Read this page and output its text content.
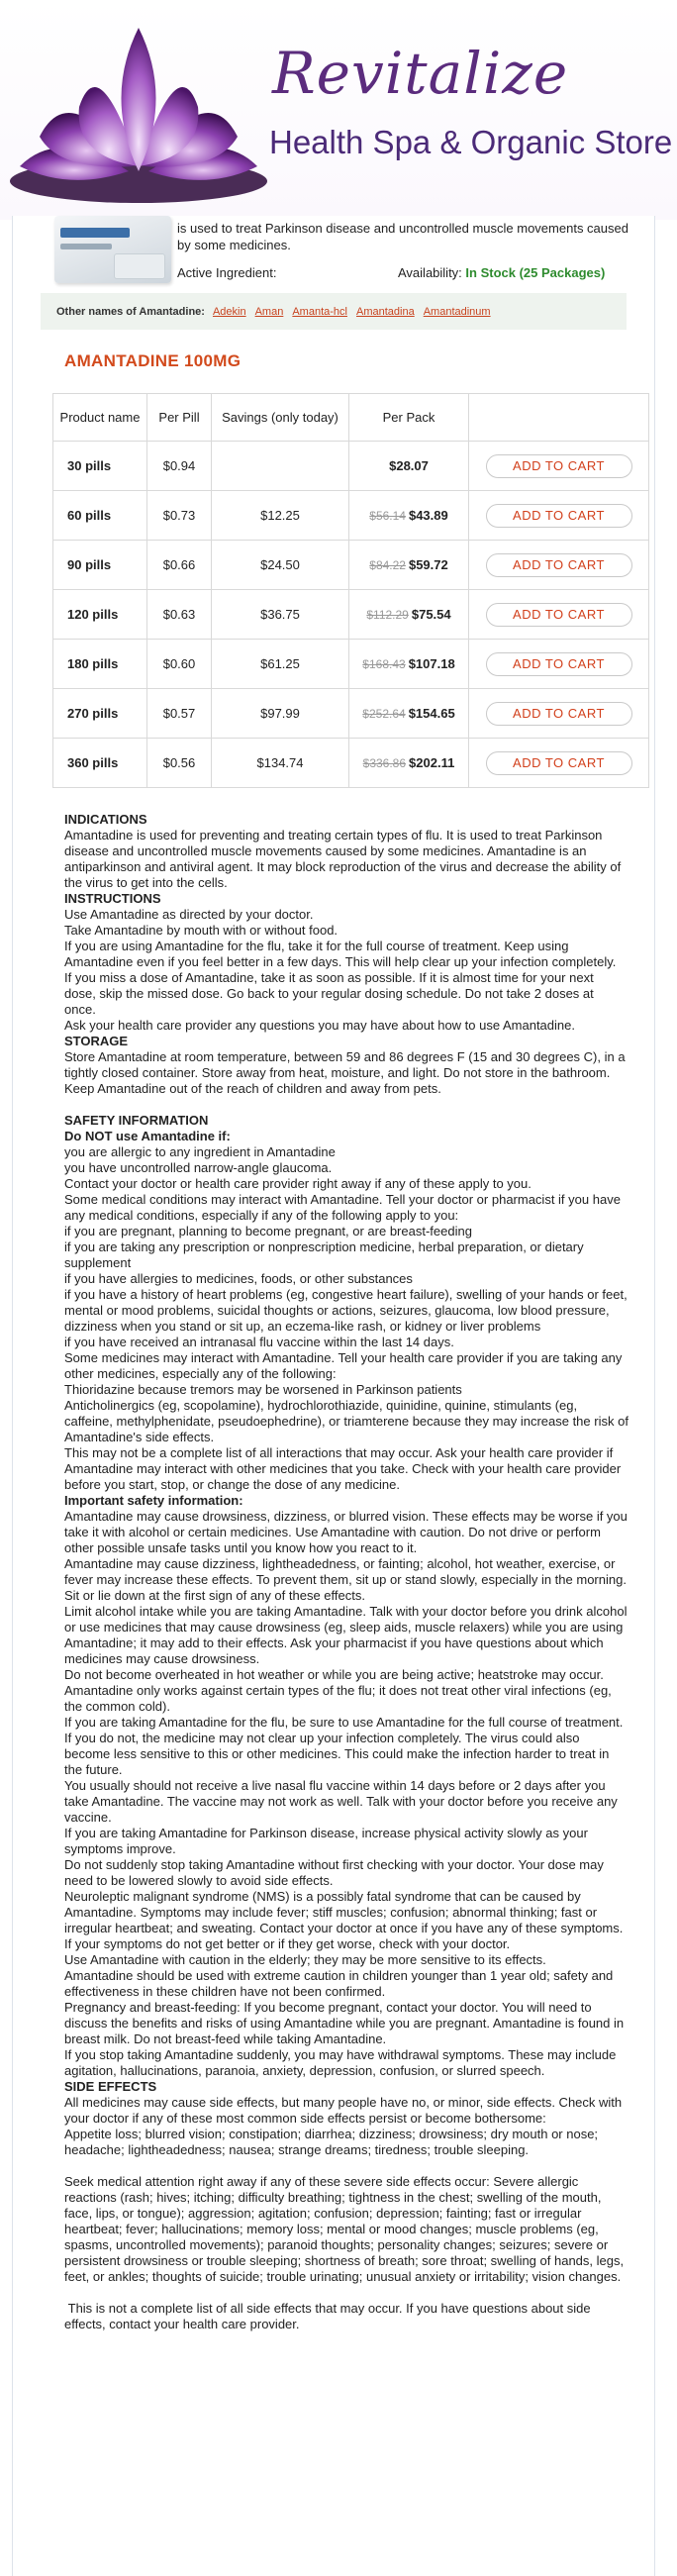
Revitalize
Health Spa & Organic Store
is used to treat Parkinson disease and uncontrolled muscle movements caused by some medicines.
Active Ingredient:	Availability: In Stock (25 Packages)
Other names of Amantadine: Adekin Aman Amanta-hcl Amantadina Amantadinum
AMANTADINE 100MG
Product name	Per Pill	Savings (only today)	Per Pack	
30 pills	$0.94		$28.07	ADD TO CART
60 pills	$0.73	$12.25	$56.14 $43.89	ADD TO CART
90 pills	$0.66	$24.50	$84.22 $59.72	ADD TO CART
120 pills	$0.63	$36.75	$112.29 $75.54	ADD TO CART
180 pills	$0.60	$61.25	$168.43 $107.18	ADD TO CART
270 pills	$0.57	$97.99	$252.64 $154.65	ADD TO CART
360 pills	$0.56	$134.74	$336.86 $202.11	ADD TO CART
INDICATIONS

Amantadine is used for preventing and treating certain types of flu. It is used to treat Parkinson disease and uncontrolled muscle movements caused by some medicines. Amantadine is an antiparkinson and antiviral agent. It may block reproduction of the virus and decrease the ability of the virus to get into the cells.

INSTRUCTIONS

Use Amantadine as directed by your doctor.

Take Amantadine by mouth with or without food.

If you are using Amantadine for the flu, take it for the full course of treatment. Keep using Amantadine even if you feel better in a few days. This will help clear up your infection completely.

If you miss a dose of Amantadine, take it as soon as possible. If it is almost time for your next dose, skip the missed dose. Go back to your regular dosing schedule. Do not take 2 doses at once.

Ask your health care provider any questions you may have about how to use Amantadine.

STORAGE

Store Amantadine at room temperature, between 59 and 86 degrees F (15 and 30 degrees C), in a tightly closed container. Store away from heat, moisture, and light. Do not store in the bathroom. Keep Amantadine out of the reach of children and away from pets.

SAFETY INFORMATION
Do NOT use Amantadine if:

you are allergic to any ingredient in Amantadine

you have uncontrolled narrow-angle glaucoma.

Contact your doctor or health care provider right away if any of these apply to you.

Some medical conditions may interact with Amantadine. Tell your doctor or pharmacist if you have any medical conditions, especially if any of the following apply to you:

if you are pregnant, planning to become pregnant, or are breast-feeding

if you are taking any prescription or nonprescription medicine, herbal preparation, or dietary supplement

if you have allergies to medicines, foods, or other substances

if you have a history of heart problems (eg, congestive heart failure), swelling of your hands or feet, mental or mood problems, suicidal thoughts or actions, seizures, glaucoma, low blood pressure, dizziness when you stand or sit up, an eczema-like rash, or kidney or liver problems

if you have received an intranasal flu vaccine within the last 14 days.

Some medicines may interact with Amantadine. Tell your health care provider if you are taking any other medicines, especially any of the following:

Thioridazine because tremors may be worsened in Parkinson patients

Anticholinergics (eg, scopolamine), hydrochlorothiazide, quinidine, quinine, stimulants (eg, caffeine, methylphenidate, pseudoephedrine), or triamterene because they may increase the risk of Amantadine's side effects.

This may not be a complete list of all interactions that may occur. Ask your health care provider if Amantadine may interact with other medicines that you take. Check with your health care provider before you start, stop, or change the dose of any medicine.

Important safety information:

Amantadine may cause drowsiness, dizziness, or blurred vision. These effects may be worse if you take it with alcohol or certain medicines. Use Amantadine with caution. Do not drive or perform other possible unsafe tasks until you know how you react to it.

Amantadine may cause dizziness, lightheadedness, or fainting; alcohol, hot weather, exercise, or fever may increase these effects. To prevent them, sit up or stand slowly, especially in the morning. Sit or lie down at the first sign of any of these effects.

Limit alcohol intake while you are taking Amantadine. Talk with your doctor before you drink alcohol or use medicines that may cause drowsiness (eg, sleep aids, muscle relaxers) while you are using Amantadine; it may add to their effects. Ask your pharmacist if you have questions about which medicines may cause drowsiness.

Do not become overheated in hot weather or while you are being active; heatstroke may occur.

Amantadine only works against certain types of the flu; it does not treat other viral infections (eg, the common cold).

If you are taking Amantadine for the flu, be sure to use Amantadine for the full course of treatment. If you do not, the medicine may not clear up your infection completely. The virus could also become less sensitive to this or other medicines. This could make the infection harder to treat in the future.

You usually should not receive a live nasal flu vaccine within 14 days before or 2 days after you take Amantadine. The vaccine may not work as well. Talk with your doctor before you receive any vaccine.

If you are taking Amantadine for Parkinson disease, increase physical activity slowly as your symptoms improve.

Do not suddenly stop taking Amantadine without first checking with your doctor. Your dose may need to be lowered slowly to avoid side effects.

Neuroleptic malignant syndrome (NMS) is a possibly fatal syndrome that can be caused by Amantadine. Symptoms may include fever; stiff muscles; confusion; abnormal thinking; fast or irregular heartbeat; and sweating. Contact your doctor at once if you have any of these symptoms.

If your symptoms do not get better or if they get worse, check with your doctor.

Use Amantadine with caution in the elderly; they may be more sensitive to its effects.

Amantadine should be used with extreme caution in children younger than 1 year old; safety and effectiveness in these children have not been confirmed.

Pregnancy and breast-feeding: If you become pregnant, contact your doctor. You will need to discuss the benefits and risks of using Amantadine while you are pregnant. Amantadine is found in breast milk. Do not breast-feed while taking Amantadine.

If you stop taking Amantadine suddenly, you may have withdrawal symptoms. These may include agitation, hallucinations, paranoia, anxiety, depression, confusion, or slurred speech.

SIDE EFFECTS

All medicines may cause side effects, but many people have no, or minor, side effects. Check with your doctor if any of these most common side effects persist or become bothersome:

Appetite loss; blurred vision; constipation; diarrhea; dizziness; drowsiness; dry mouth or nose; headache; lightheadedness; nausea; strange dreams; tiredness; trouble sleeping.

Seek medical attention right away if any of these severe side effects occur: Severe allergic reactions (rash; hives; itching; difficulty breathing; tightness in the chest; swelling of the mouth, face, lips, or tongue); aggression; agitation; confusion; depression; fainting; fast or irregular heartbeat; fever; hallucinations; memory loss; mental or mood changes; muscle problems (eg, spasms, uncontrolled movements); paranoid thoughts; personality changes; seizures; severe or persistent drowsiness or trouble sleeping; shortness of breath; sore throat; swelling of hands, legs, feet, or ankles; thoughts of suicide; trouble urinating; unusual anxiety or irritability; vision changes.

This is not a complete list of all side effects that may occur. If you have questions about side effects, contact your health care provider.
